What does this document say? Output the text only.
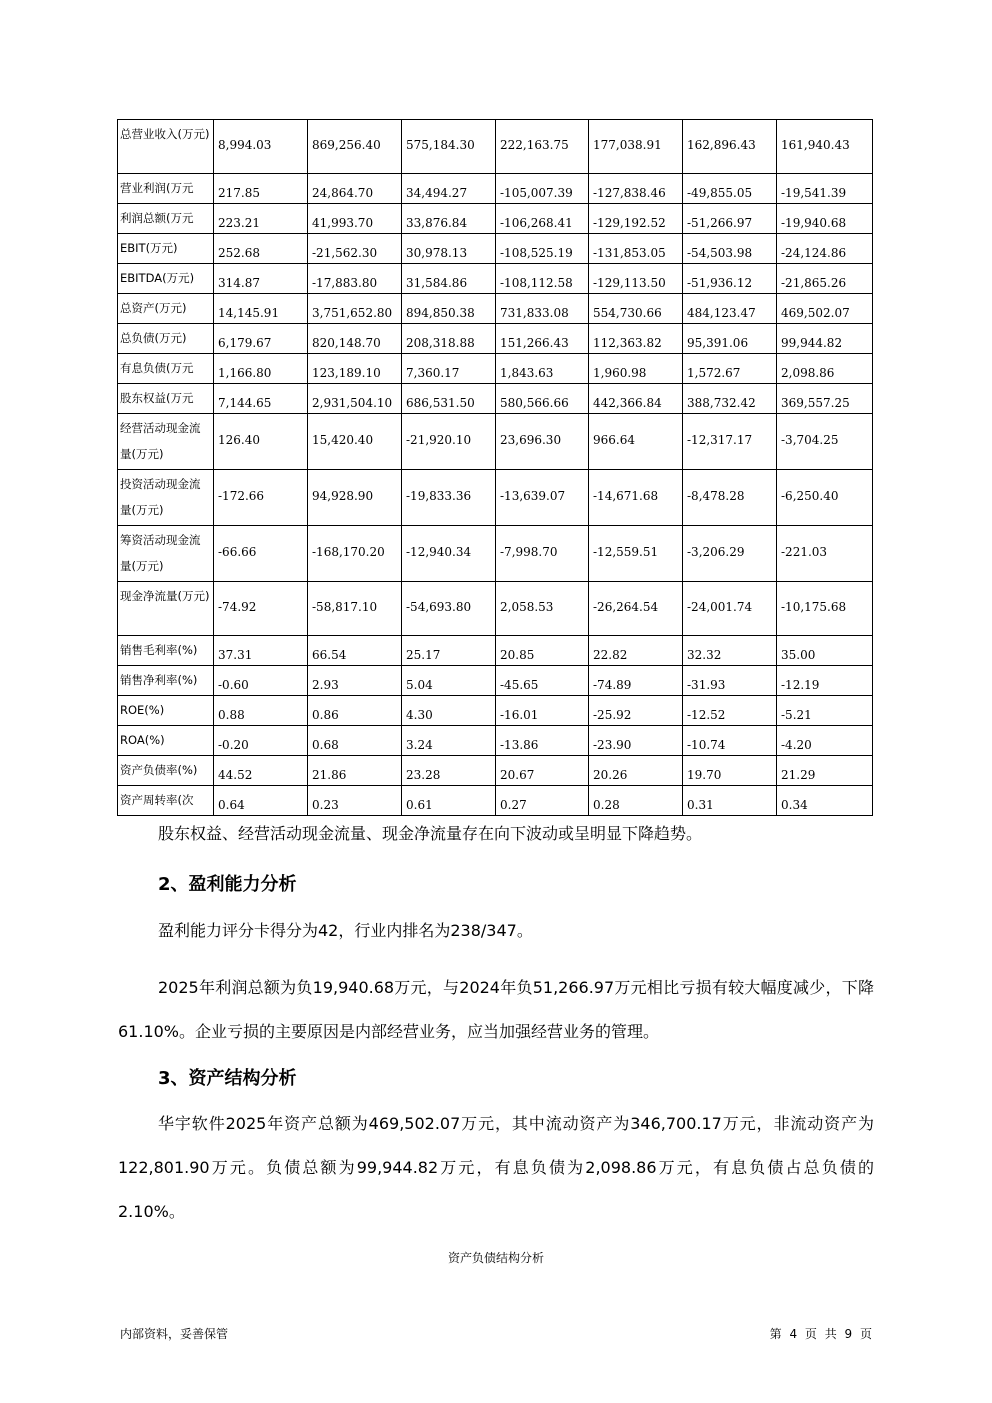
总营业收入(万元)	8,994.03	869,256.40	575,184.30	222,163.75	177,038.91	162,896.43	161,940.43
营业利润(万元	217.85	24,864.70	34,494.27	-105,007.39	-127,838.46	-49,855.05	-19,541.39
利润总额(万元	223.21	41,993.70	33,876.84	-106,268.41	-129,192.52	-51,266.97	-19,940.68
EBIT(万元)	252.68	-21,562.30	30,978.13	-108,525.19	-131,853.05	-54,503.98	-24,124.86
EBITDA(万元)	314.87	-17,883.80	31,584.86	-108,112.58	-129,113.50	-51,936.12	-21,865.26
总资产(万元)	14,145.91	3,751,652.80	894,850.38	731,833.08	554,730.66	484,123.47	469,502.07
总负债(万元)	6,179.67	820,148.70	208,318.88	151,266.43	112,363.82	95,391.06	99,944.82
有息负债(万元	1,166.80	123,189.10	7,360.17	1,843.63	1,960.98	1,572.67	2,098.86
股东权益(万元	7,144.65	2,931,504.10	686,531.50	580,566.66	442,366.84	388,732.42	369,557.25
经营活动现金流量(万元)	126.40	15,420.40	-21,920.10	23,696.30	966.64	-12,317.17	-3,704.25
投资活动现金流量(万元)	-172.66	94,928.90	-19,833.36	-13,639.07	-14,671.68	-8,478.28	-6,250.40
筹资活动现金流量(万元)	-66.66	-168,170.20	-12,940.34	-7,998.70	-12,559.51	-3,206.29	-221.03
现金净流量(万元)	-74.92	-58,817.10	-54,693.80	2,058.53	-26,264.54	-24,001.74	-10,175.68
销售毛利率(%)	37.31	66.54	25.17	20.85	22.82	32.32	35.00
销售净利率(%)	-0.60	2.93	5.04	-45.65	-74.89	-31.93	-12.19
ROE(%)	0.88	0.86	4.30	-16.01	-25.92	-12.52	-5.21
ROA(%)	-0.20	0.68	3.24	-13.86	-23.90	-10.74	-4.20
资产负债率(%)	44.52	21.86	23.28	20.67	20.26	19.70	21.29
资产周转率(次	0.64	0.23	0.61	0.27	0.28	0.31	0.34
股东权益、经营活动现金流量、现金净流量存在向下波动或呈明显下降趋势。
2、盈利能力分析
盈利能力评分卡得分为42，行业内排名为238/347。
2025年利润总额为负19,940.68万元，与2024年负51,266.97万元相比亏损有较大幅度减少，下降61.10%。企业亏损的主要原因是内部经营业务，应当加强经营业务的管理。
3、资产结构分析
华宇软件2025年资产总额为469,502.07万元，其中流动资产为346,700.17万元，非流动资产为122,801.90万元。负债总额为99,944.82万元，有息负债为2,098.86万元，有息负债占总负债的2.10%。
资产负债结构分析
内部资料，妥善保管	第 4 页 共 9 页
